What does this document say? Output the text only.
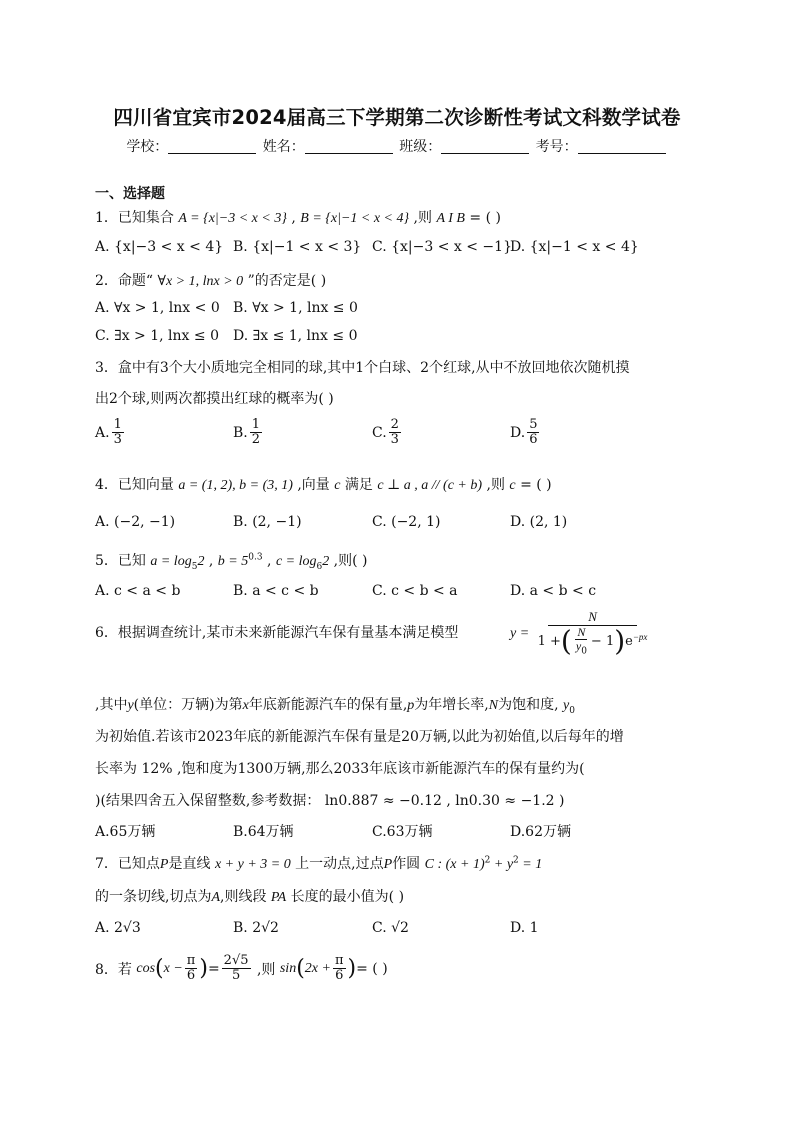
四川省宜宾市2024届高三下学期第二次诊断性考试文科数学试卷
学校：	姓名：	班级：	考号：
一、选择题
1．已知集合 A = {x|−3 < x < 3} , B = {x|−1 < x < 4} ,则 A I B = ( )
A. {x|−3 < x < 4} B. {x|−1 < x < 3} C. {x|−3 < x < −1}
D. {x|−1 < x < 4}
2．命题“ ∀x > 1, lnx > 0 ”的否定是( )
A. ∀x > 1, lnx < 0 B. ∀x > 1, lnx ≤ 0
C. ∃x > 1, lnx ≤ 0 D. ∃x ≤ 1, lnx ≤ 0
3．盒中有3个大小质地完全相同的球,其中1个白球、2个红球,从中不放回地依次随机摸
出2个球,则两次都摸出红球的概率为( )
A. $\frac{1}{3}$	B. $\frac{1}{2}$	C. $\frac{2}{3}$	D. $\frac{5}{6}$
4．已知向量 a = (1, 2), b = (3, 1) ,向量 c 满足 c ⊥ a , a // (c + b) ,则 c = ( )
A. (−2, −1)	B. (2, −1)	C. (−2, 1)	D. (2, 1)
5．已知 $a = \log_52$ , $b = 5^{0.3}$ , $c = \log_62$ ,则( )
A. c < a < b	B. a < c < b	C. c < b < a	D. a < b < c
6．根据调查统计,某市未来新能源汽车保有量基本满足模型	$y = \frac{N}{1 +( \frac{N}{y_0} - 1)e^{-px}}$
,其中y(单位：万辆)为第x年底新能源汽车的保有量,p为年增长率,N为饱和度, $y_0$
为初始值.若该市2023年底的新能源汽车保有量是20万辆,以此为初始值,以后每年的增
长率为 12% ,饱和度为1300万辆,那么2033年底该市新能源汽车的保有量约为(
)(结果四舍五入保留整数,参考数据： ln0.887 ≈ −0.12 , ln0.30 ≈ −1.2 )
A.65万辆	B.64万辆	C.63万辆	D.62万辆
7．已知点P是直线 x + y + 3 = 0 上一动点,过点P作圆 C : $(x + 1)^2 + y^2 = 1$
的一条切线,切点为A,则线段 PA 长度的最小值为( )
A. 2√3	B. 2√2	C. √2	D. 1
8．若 $\cos(x - \frac{\pi}{6}$ )= $\frac{2√5}{5}$ ,则 $\sin(2x + \frac{\pi}{6}$ )= ( )
